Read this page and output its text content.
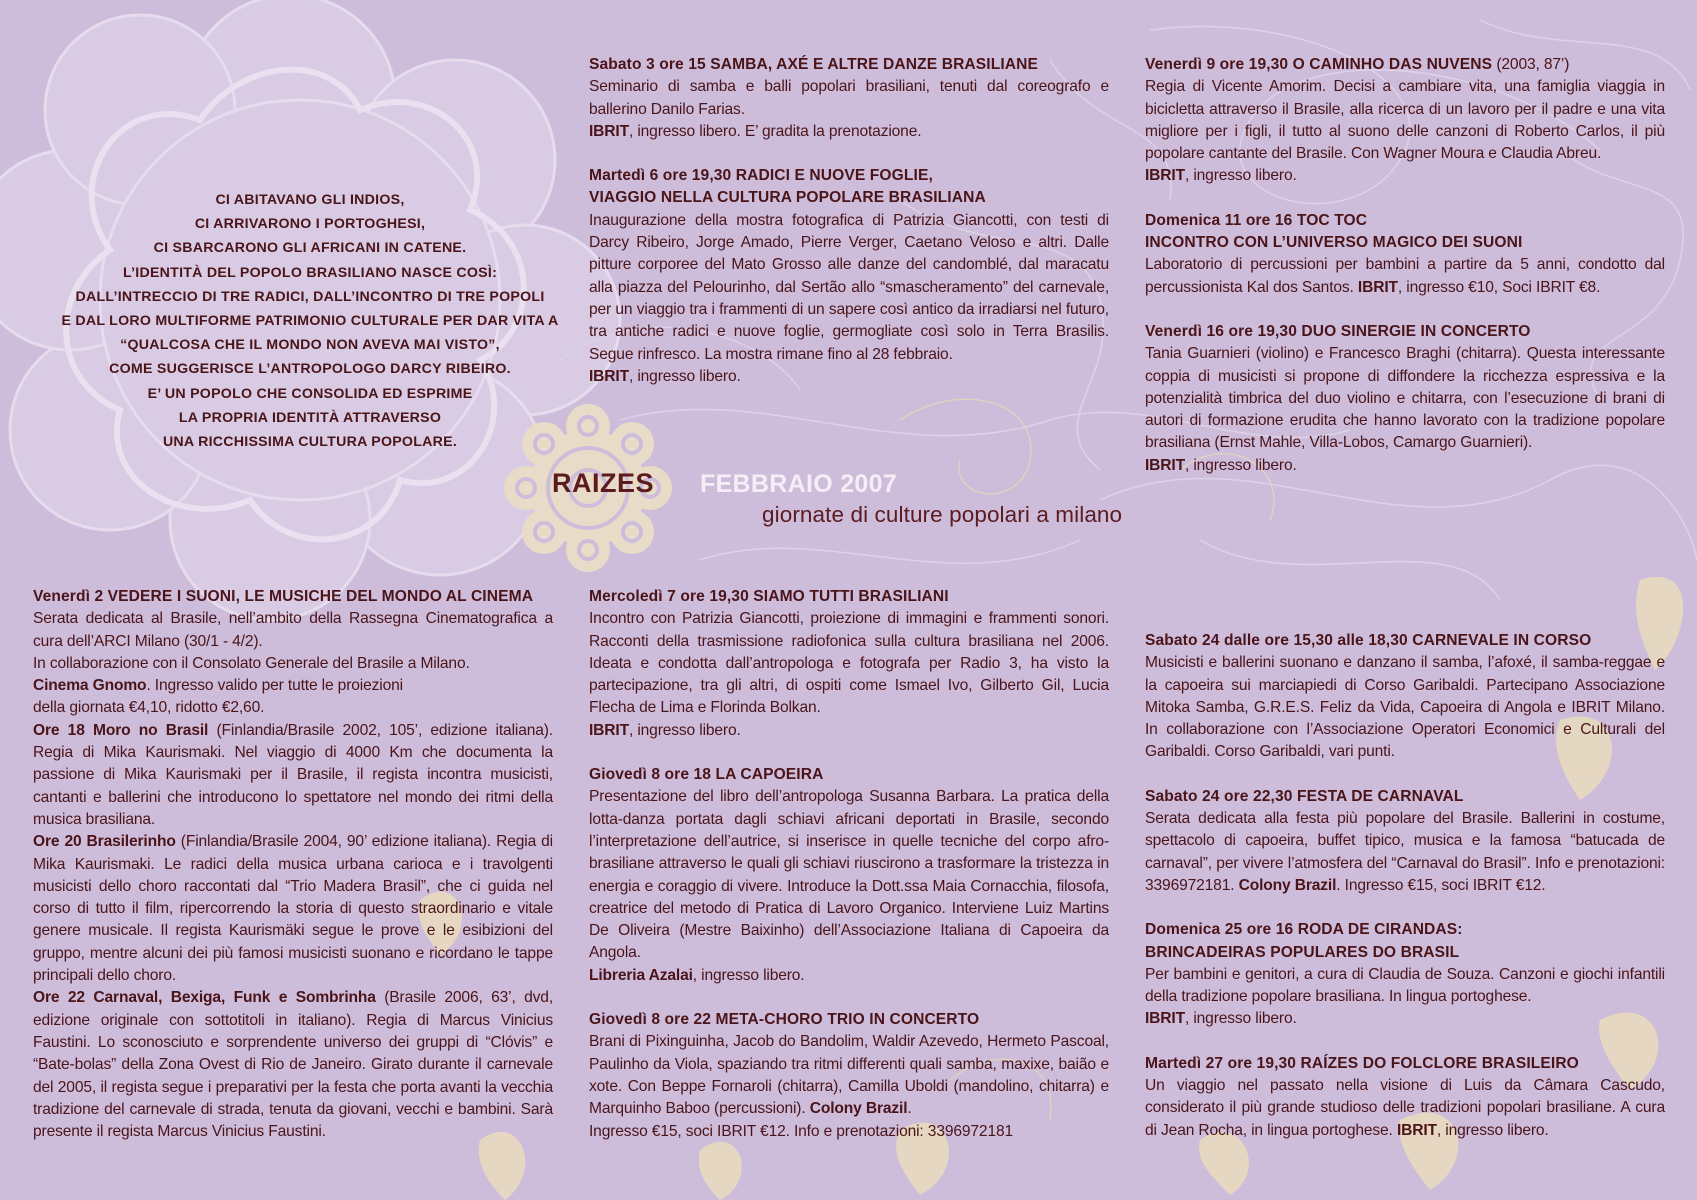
CI ABITAVANO GLI INDIOS,
CI ARRIVARONO I PORTOGHESI,
CI SBARCARONO GLI AFRICANI IN CATENE.
L’IDENTITÀ DEL POPOLO BRASILIANO NASCE COSÌ:
DALL’INTRECCIO DI TRE RADICI, DALL’INCONTRO DI TRE POPOLI
E DAL LORO MULTIFORME PATRIMONIO CULTURALE PER DAR VITA A
“QUALCOSA CHE IL MONDO NON AVEVA MAI VISTO”,
COME SUGGERISCE L’ANTROPOLOGO DARCY RIBEIRO.
E’ UN POPOLO CHE CONSOLIDA ED ESPRIME
LA PROPRIA IDENTITÀ ATTRAVERSO
UNA RICCHISSIMA CULTURA POPOLARE.
RAIZES FEBBRAIO 2007
giornate di culture popolari a milano

Venerdì 2 VEDERE I SUONI, LE MUSICHE DEL MONDO AL CINEMA

Serata dedicata al Brasile, nell’ambito della Rassegna Cinematografica a cura dell’ARCI Milano (30/1 - 4/2).

In collaborazione con il Consolato Generale del Brasile a Milano.

Cinema Gnomo. Ingresso valido per tutte le proiezioni

della giornata €4,10, ridotto €2,60.

Ore 18 Moro no Brasil (Finlandia/Brasile 2002, 105’, edizione italiana). Regia di Mika Kaurismaki. Nel viaggio di 4000 Km che documenta la passione di Mika Kaurismaki per il Brasile, il regista incontra musicisti, cantanti e ballerini che introducono lo spettatore nel mondo dei ritmi della musica brasiliana.

Ore 20 Brasilerinho (Finlandia/Brasile 2004, 90’ edizione italiana). Regia di Mika Kaurismaki. Le radici della musica urbana carioca e i travolgenti musicisti dello choro raccontati dal “Trio Madera Brasil”, che ci guida nel corso di tutto il film, ripercorrendo la storia di questo straordinario e vitale genere musicale. Il regista Kaurismäki segue le prove e le esibizioni del gruppo, mentre alcuni dei più famosi musicisti suonano e ricordano le tappe principali dello choro.

Ore 22 Carnaval, Bexiga, Funk e Sombrinha (Brasile 2006, 63’, dvd, edizione originale con sottotitoli in italiano). Regia di Marcus Vinicius Faustini. Lo sconosciuto e sorprendente universo dei gruppi di “Clóvis” e “Bate-bolas” della Zona Ovest di Rio de Janeiro. Girato durante il carnevale del 2005, il regista segue i preparativi per la festa che porta avanti la vecchia tradizione del carnevale di strada, tenuta da giovani, vecchi e bambini. Sarà presente il regista Marcus Vinicius Faustini.

Sabato 3 ore 15 SAMBA, AXÉ E ALTRE DANZE BRASILIANE

Seminario di samba e balli popolari brasiliani, tenuti dal coreografo e ballerino Danilo Farias.

IBRIT, ingresso libero. E’ gradita la prenotazione.

Martedì 6 ore 19,30 RADICI E NUOVE FOGLIE,

VIAGGIO NELLA CULTURA POPOLARE BRASILIANA

Inaugurazione della mostra fotografica di Patrizia Giancotti, con testi di Darcy Ribeiro, Jorge Amado, Pierre Verger, Caetano Veloso e altri. Dalle pitture corporee del Mato Grosso alle danze del candomblé, dal maracatu alla piazza del Pelourinho, dal Sertão allo “smascheramento” del carnevale, per un viaggio tra i frammenti di un sapere così antico da irradiarsi nel futuro, tra antiche radici e nuove foglie, germogliate così solo in Terra Brasilis. Segue rinfresco. La mostra rimane fino al 28 febbraio.

IBRIT, ingresso libero.

Mercoledì 7 ore 19,30 SIAMO TUTTI BRASILIANI

Incontro con Patrizia Giancotti, proiezione di immagini e frammenti sonori. Racconti della trasmissione radiofonica sulla cultura brasiliana nel 2006. Ideata e condotta dall’antropologa e fotografa per Radio 3, ha visto la partecipazione, tra gli altri, di ospiti come Ismael Ivo, Gilberto Gil, Lucia Flecha de Lima e Florinda Bolkan.

IBRIT, ingresso libero.

Giovedì 8 ore 18 LA CAPOEIRA

Presentazione del libro dell’antropologa Susanna Barbara. La pratica della lotta-danza portata dagli schiavi africani deportati in Brasile, secondo l’interpretazione dell’autrice, si inserisce in quelle tecniche del corpo afro-brasiliane attraverso le quali gli schiavi riuscirono a trasformare la tristezza in energia e coraggio di vivere. Introduce la Dott.ssa Maia Cornacchia, filosofa, creatrice del metodo di Pratica di Lavoro Organico. Interviene Luiz Martins De Oliveira (Mestre Baixinho) dell’Associazione Italiana di Capoeira da Angola.

Libreria Azalai, ingresso libero.

Giovedì 8 ore 22 META-CHORO TRIO IN CONCERTO

Brani di Pixinguinha, Jacob do Bandolim, Waldir Azevedo, Hermeto Pascoal, Paulinho da Viola, spaziando tra ritmi differenti quali samba, maxixe, baião e xote. Con Beppe Fornaroli (chitarra), Camilla Uboldi (mandolino, chitarra) e Marquinho Baboo (percussioni). Colony Brazil.

Ingresso €15, soci IBRIT €12. Info e prenotazioni: 3396972181

Venerdì 9 ore 19,30 O CAMINHO DAS NUVENS (2003, 87’)

Regia di Vicente Amorim. Decisi a cambiare vita, una famiglia viaggia in bicicletta attraverso il Brasile, alla ricerca di un lavoro per il padre e una vita migliore per i figli, il tutto al suono delle canzoni di Roberto Carlos, il più popolare cantante del Brasile. Con Wagner Moura e Claudia Abreu.

IBRIT, ingresso libero.

Domenica 11 ore 16 TOC TOC

INCONTRO CON L’UNIVERSO MAGICO DEI SUONI

Laboratorio di percussioni per bambini a partire da 5 anni, condotto dal percussionista Kal dos Santos. IBRIT, ingresso €10, Soci IBRIT €8.

Venerdì 16 ore 19,30 DUO SINERGIE IN CONCERTO

Tania Guarnieri (violino) e Francesco Braghi (chitarra). Questa interessante coppia di musicisti si propone di diffondere la ricchezza espressiva e la potenzialità timbrica del duo violino e chitarra, con l’esecuzione di brani di autori di formazione erudita che hanno lavorato con la tradizione popolare brasiliana (Ernst Mahle, Villa-Lobos, Camargo Guarnieri).

IBRIT, ingresso libero.

Sabato 24 dalle ore 15,30 alle 18,30 CARNEVALE IN CORSO

Musicisti e ballerini suonano e danzano il samba, l’afoxé, il samba-reggae e la capoeira sui marciapiedi di Corso Garibaldi. Partecipano Associazione Mitoka Samba, G.R.E.S. Feliz da Vida, Capoeira di Angola e IBRIT Milano. In collaborazione con l’Associazione Operatori Economici e Culturali del Garibaldi. Corso Garibaldi, vari punti.

Sabato 24 ore 22,30 FESTA DE CARNAVAL

Serata dedicata alla festa più popolare del Brasile. Ballerini in costume, spettacolo di capoeira, buffet tipico, musica e la famosa “batucada de carnaval”, per vivere l’atmosfera del “Carnaval do Brasil”. Info e prenotazioni: 3396972181. Colony Brazil. Ingresso €15, soci IBRIT €12.

Domenica 25 ore 16 RODA DE CIRANDAS:

BRINCADEIRAS POPULARES DO BRASIL

Per bambini e genitori, a cura di Claudia de Souza. Canzoni e giochi infantili della tradizione popolare brasiliana. In lingua portoghese.

IBRIT, ingresso libero.

Martedì 27 ore 19,30 RAÍZES DO FOLCLORE BRASILEIRO

Un viaggio nel passato nella visione di Luis da Câmara Cascudo, considerato il più grande studioso delle tradizioni popolari brasiliane. A cura di Jean Rocha, in lingua portoghese. IBRIT, ingresso libero.
